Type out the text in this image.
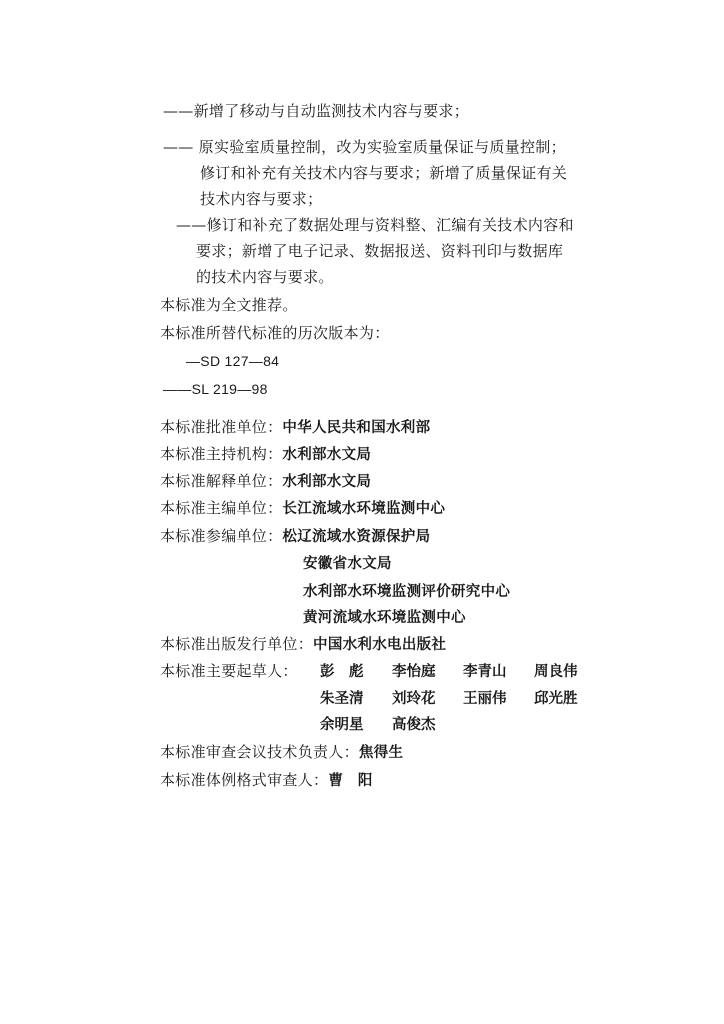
——新增了移动与自动监测技术内容与要求；
—— 原实验室质量控制，改为实验室质量保证与质量控制；
修订和补充有关技术内容与要求；新增了质量保证有关
技术内容与要求；
——修订和补充了数据处理与资料整、汇编有关技术内容和
要求；新增了电子记录、数据报送、资料刊印与数据库
的技术内容与要求。
本标准为全文推荐。
本标准所替代标准的历次版本为：
—SD 127—84
——SL 219—98
本标准批准单位：中华人民共和国水利部
本标准主持机构：水利部水文局
本标准解释单位：水利部水文局
本标准主编单位：长江流域水环境监测中心
本标准参编单位：松辽流域水资源保护局
安徽省水文局
水利部水环境监测评价研究中心
黄河流域水环境监测中心
本标准出版发行单位：中国水利水电出版社
本标准主要起草人： 彭　彪 李怡庭 李青山 周良伟
朱圣清 刘玲花 王丽伟 邱光胜
余明星 高俊杰
本标准审查会议技术负责人：焦得生
本标准体例格式审查人：曹　阳
